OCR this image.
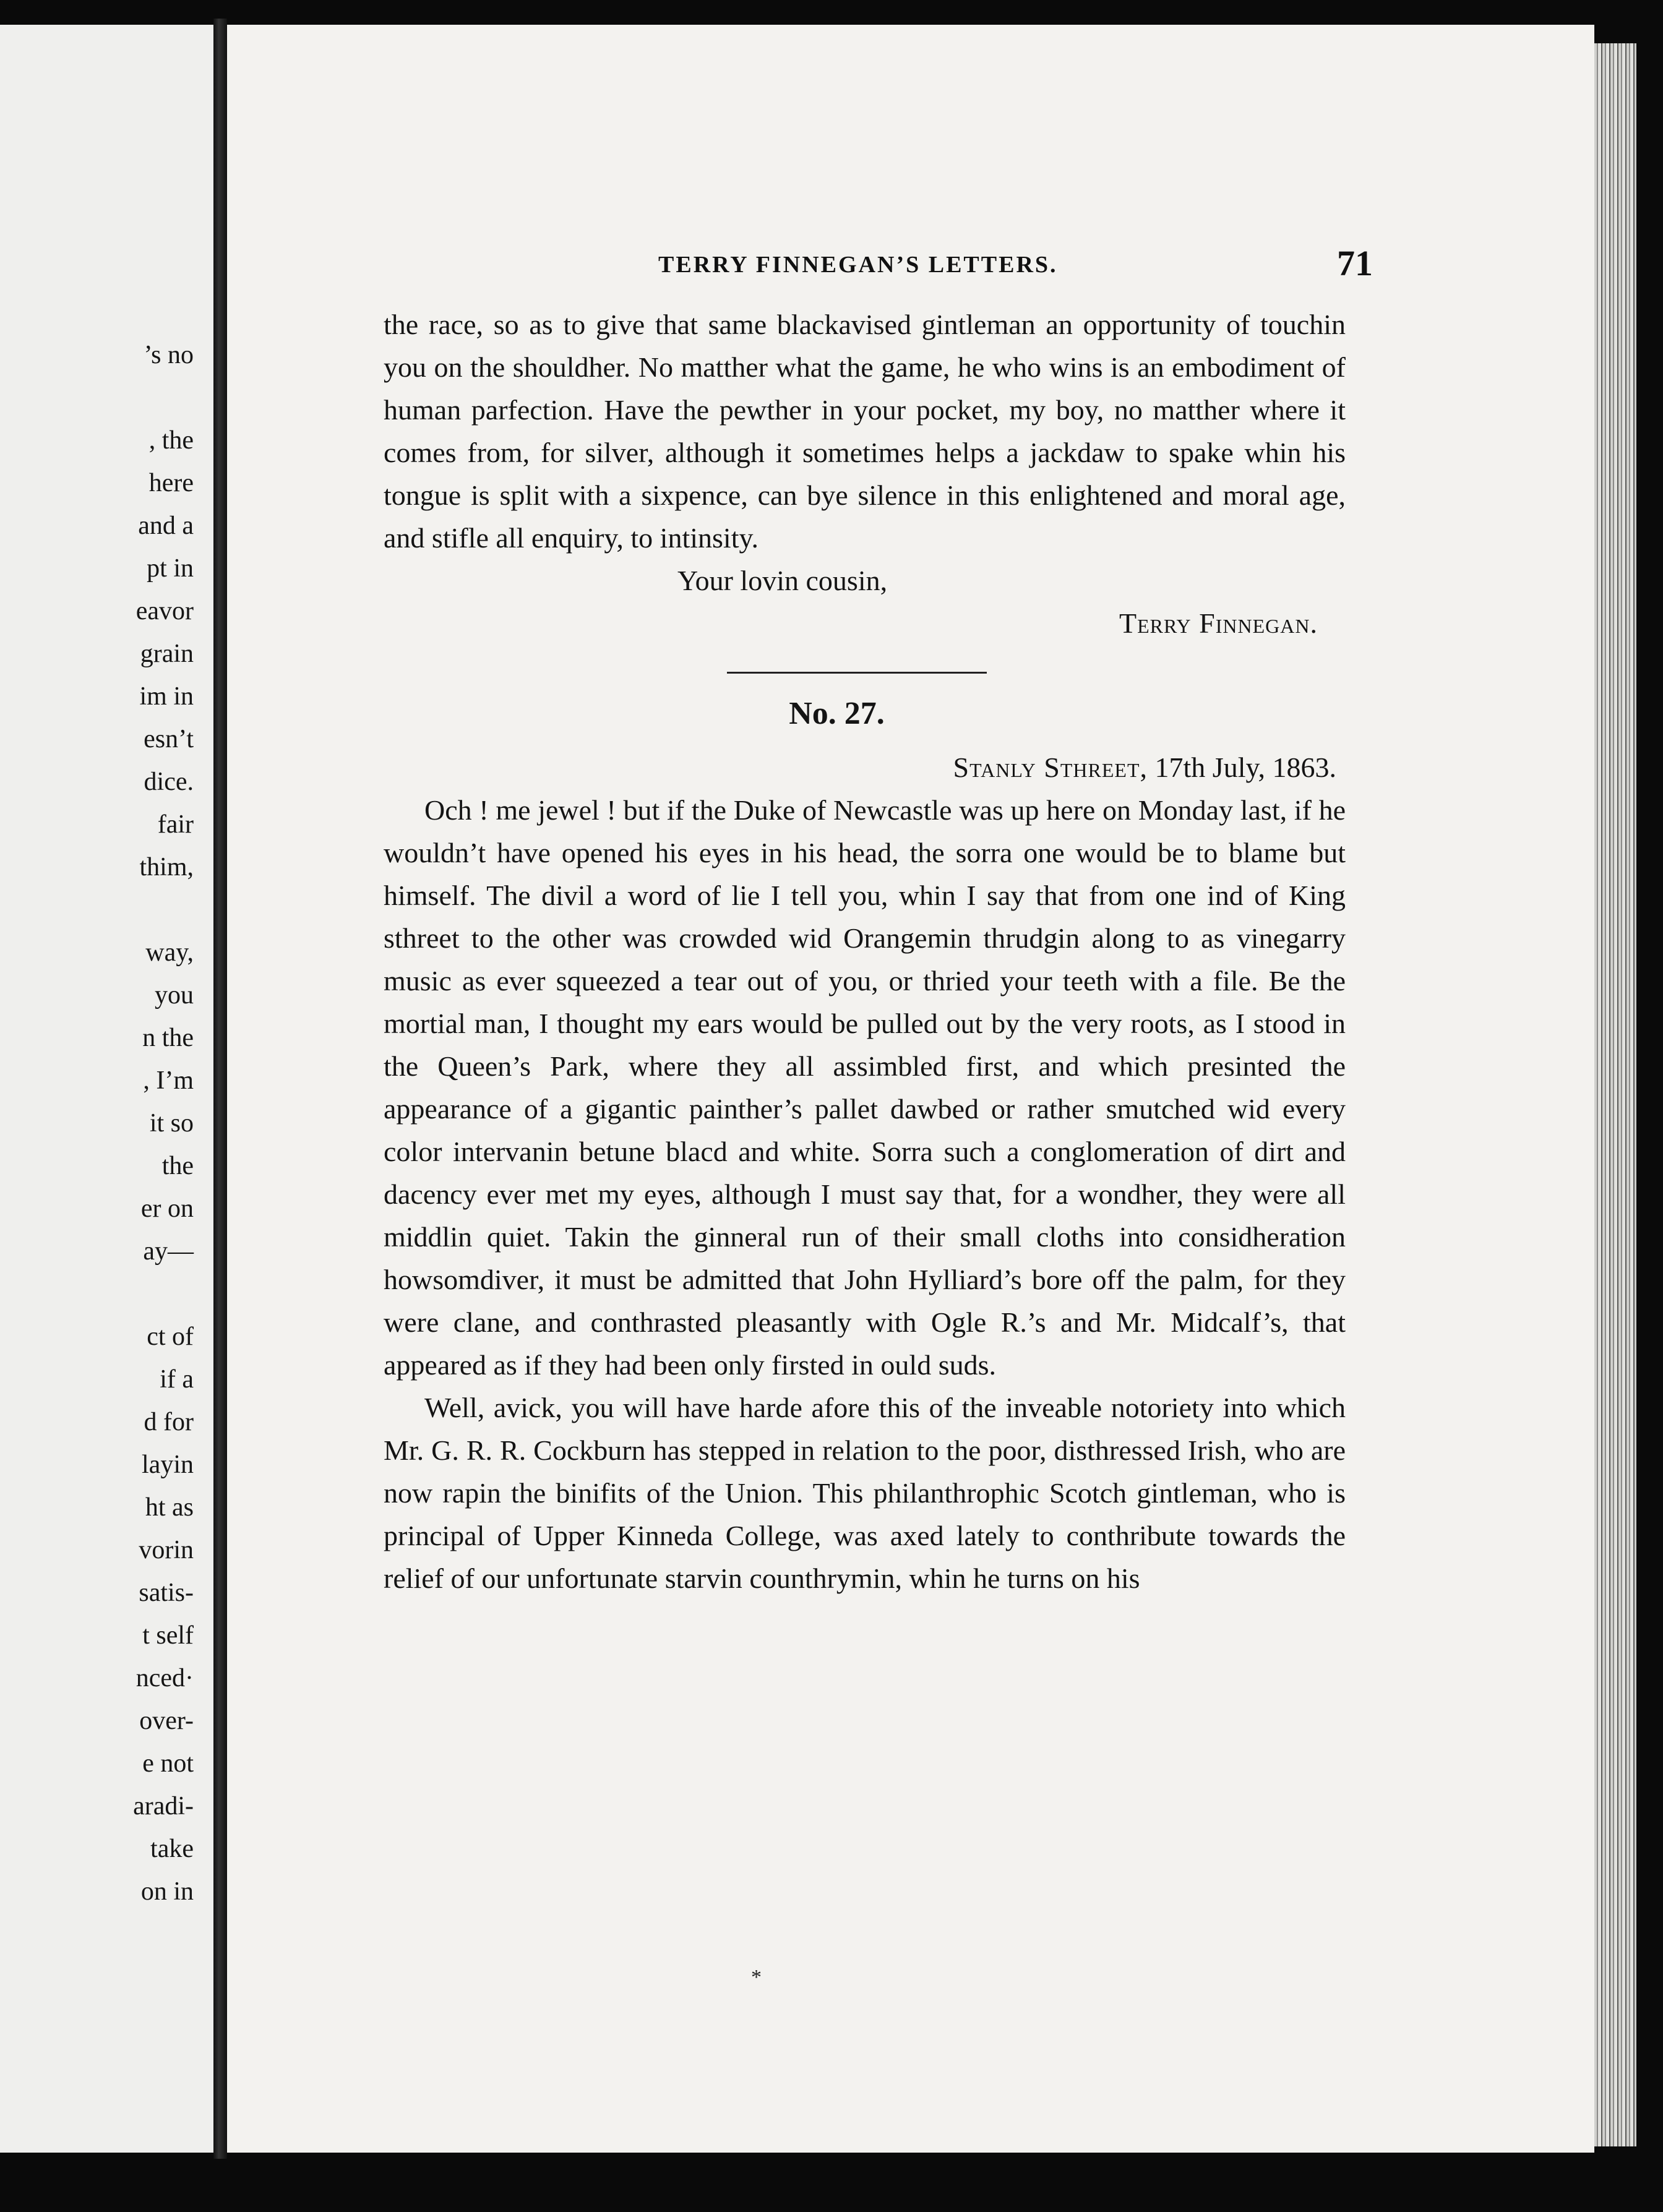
’s no

, the
here
and a
pt in
eavor
grain
im in
esn’t
dice.
fair
thim,

way,
you
n the
, I’m
it so
the
er on
ay—

ct of
if a
d for
layin
ht as
vorin
satis-
t self
nced·
over-
e not
aradi-
take
on in
TERRY FINNEGAN’S LETTERS.	71

the race, so as to give that same blackavised gintleman an opportunity of touchin you on the shouldher. No matther what the game, he who wins is an embodiment of human parfection. Have the pewther in your pocket, my boy, no matther where it comes from, for silver, although it sometimes helps a jackdaw to spake whin his tongue is split with a sixpence, can bye silence in this enlightened and moral age, and stifle all enquiry, to intinsity.

Your lovin cousin,

Terry Finnegan.

No. 27.

Stanly Sthreet, 17th July, 1863.

Och ! me jewel ! but if the Duke of Newcastle was up here on Monday last, if he wouldn’t have opened his eyes in his head, the sorra one would be to blame but himself. The divil a word of lie I tell you, whin I say that from one ind of King sthreet to the other was crowded wid Orangemin thrudgin along to as vinegarry music as ever squeezed a tear out of you, or thried your teeth with a file. Be the mortial man, I thought my ears would be pulled out by the very roots, as I stood in the Queen’s Park, where they all assimbled first, and which presinted the appearance of a gigantic painther’s pallet dawbed or rather smutched wid every color intervanin betune blacd and white. Sorra such a conglomeration of dirt and dacency ever met my eyes, although I must say that, for a wondher, they were all middlin quiet. Takin the ginneral run of their small cloths into considheration howsomdiver, it must be admitted that John Hylliard’s bore off the palm, for they were clane, and conthrasted pleasantly with Ogle R.’s and Mr. Midcalf’s, that appeared as if they had been only firsted in ould suds.

Well, avick, you will have harde afore this of the inveable notoriety into which Mr. G. R. R. Cockburn has stepped in relation to the poor, disthressed Irish, who are now rapin the binifits of the Union. This philanthrophic Scotch gintleman, who is principal of Upper Kinneda College, was axed lately to conthribute towards the relief of our unfortunate starvin counthrymin, whin he turns on his

*
